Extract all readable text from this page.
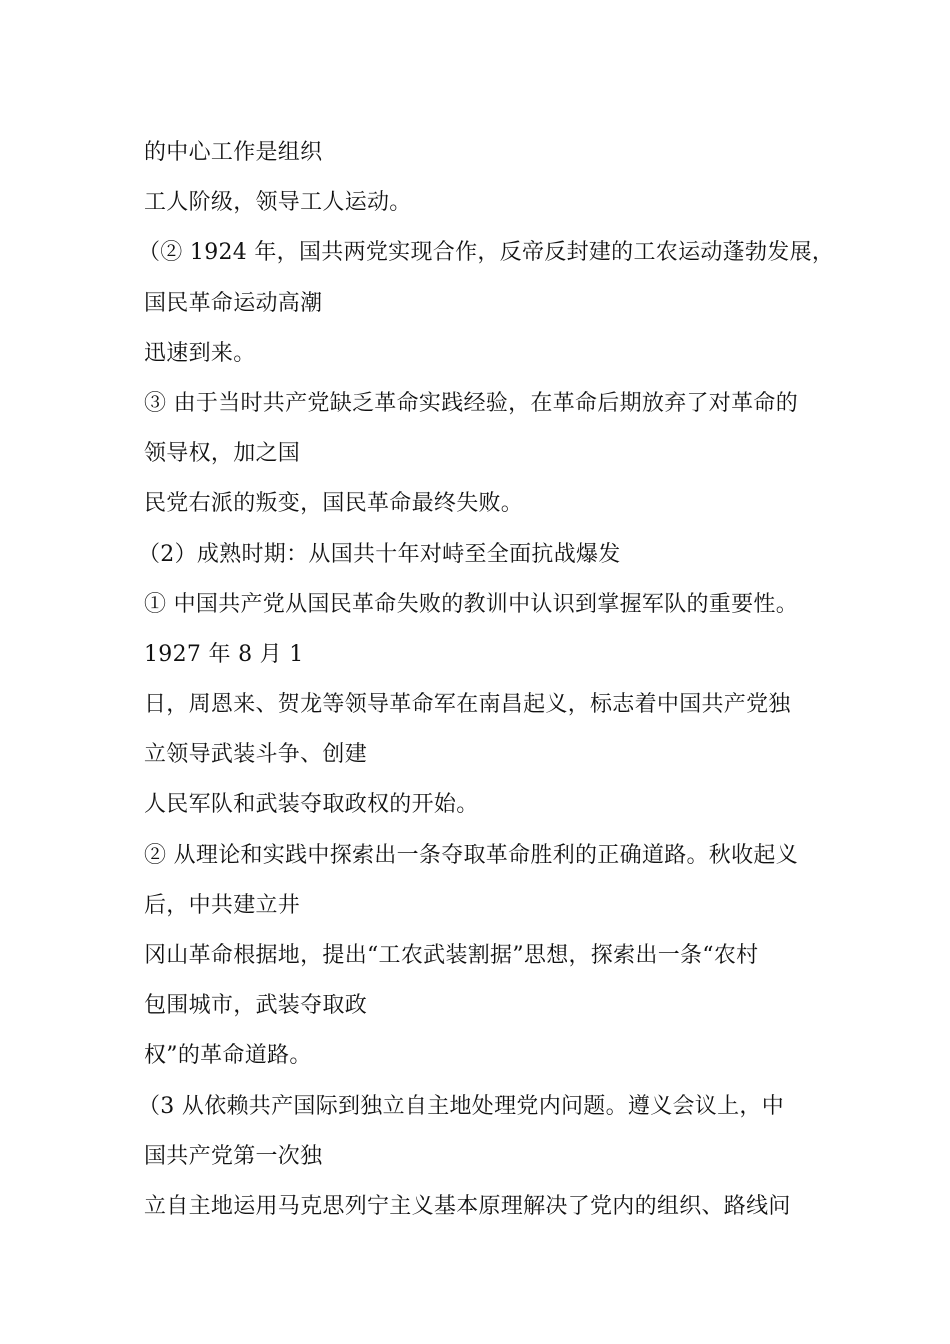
的中心工作是组织
工人阶级，领导工人运动。
（② 1924 年，国共两党实现合作，反帝反封建的工农运动蓬勃发展，
国民革命运动高潮
迅速到来。
③ 由于当时共产党缺乏革命实践经验，在革命后期放弃了对革命的
领导权，加之国
民党右派的叛变，国民革命最终失败。
（2）成熟时期：从国共十年对峙至全面抗战爆发
① 中国共产党从国民革命失败的教训中认识到掌握军队的重要性。
1927 年 8 月 1
日，周恩来、贺龙等领导革命军在南昌起义，标志着中国共产党独
立领导武装斗争、创建
人民军队和武装夺取政权的开始。
② 从理论和实践中探索出一条夺取革命胜利的正确道路。秋收起义
后，中共建立井
冈山革命根据地，提出“工农武装割据”思想，探索出一条“农村
包围城市，武装夺取政
权”的革命道路。
（3 从依赖共产国际到独立自主地处理党内问题。遵义会议上，中
国共产党第一次独
立自主地运用马克思列宁主义基本原理解决了党内的组织、路线问
